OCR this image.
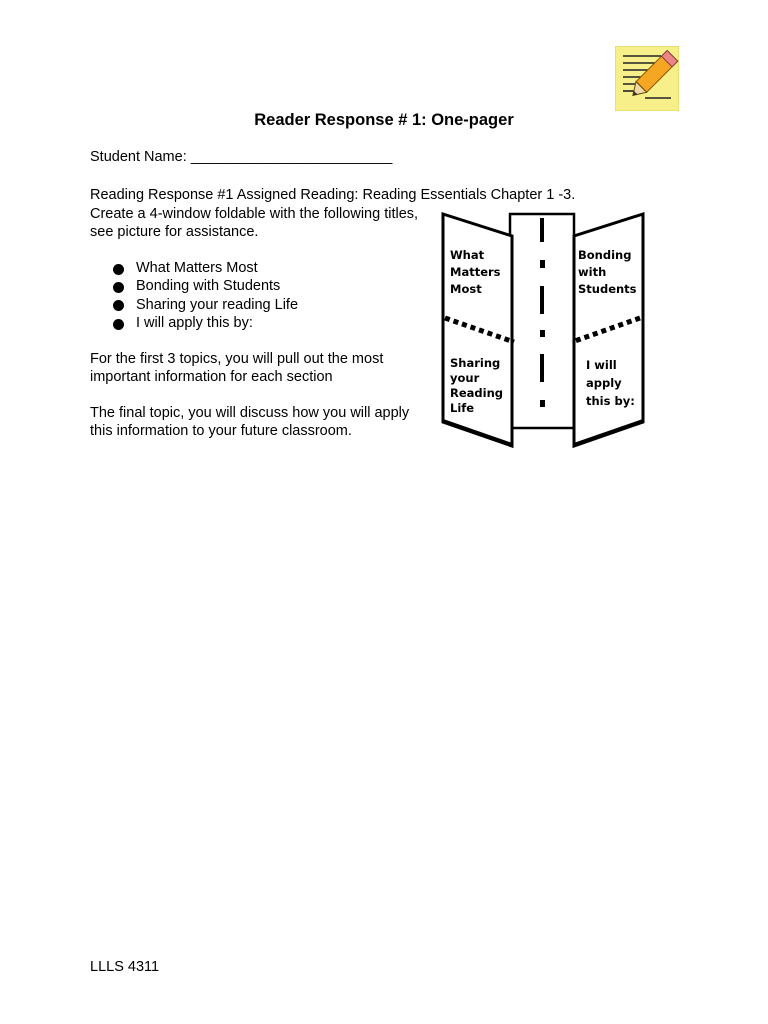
Reader Response # 1: One-pager
Student Name: _________________________
Reading Response #1 Assigned Reading: Reading Essentials Chapter 1 -3.
Create a 4-window foldable with the following titles, see picture for assistance.
What Matters Most
Bonding with Students
Sharing your reading Life
I will apply this by:
For the first 3 topics, you will pull out the most important information for each section
The final topic, you will discuss how you will apply this information to your future classroom.
What Matters Most
Bonding with Students
Sharing your Reading Life
I will apply this by:
LLLS 4311
